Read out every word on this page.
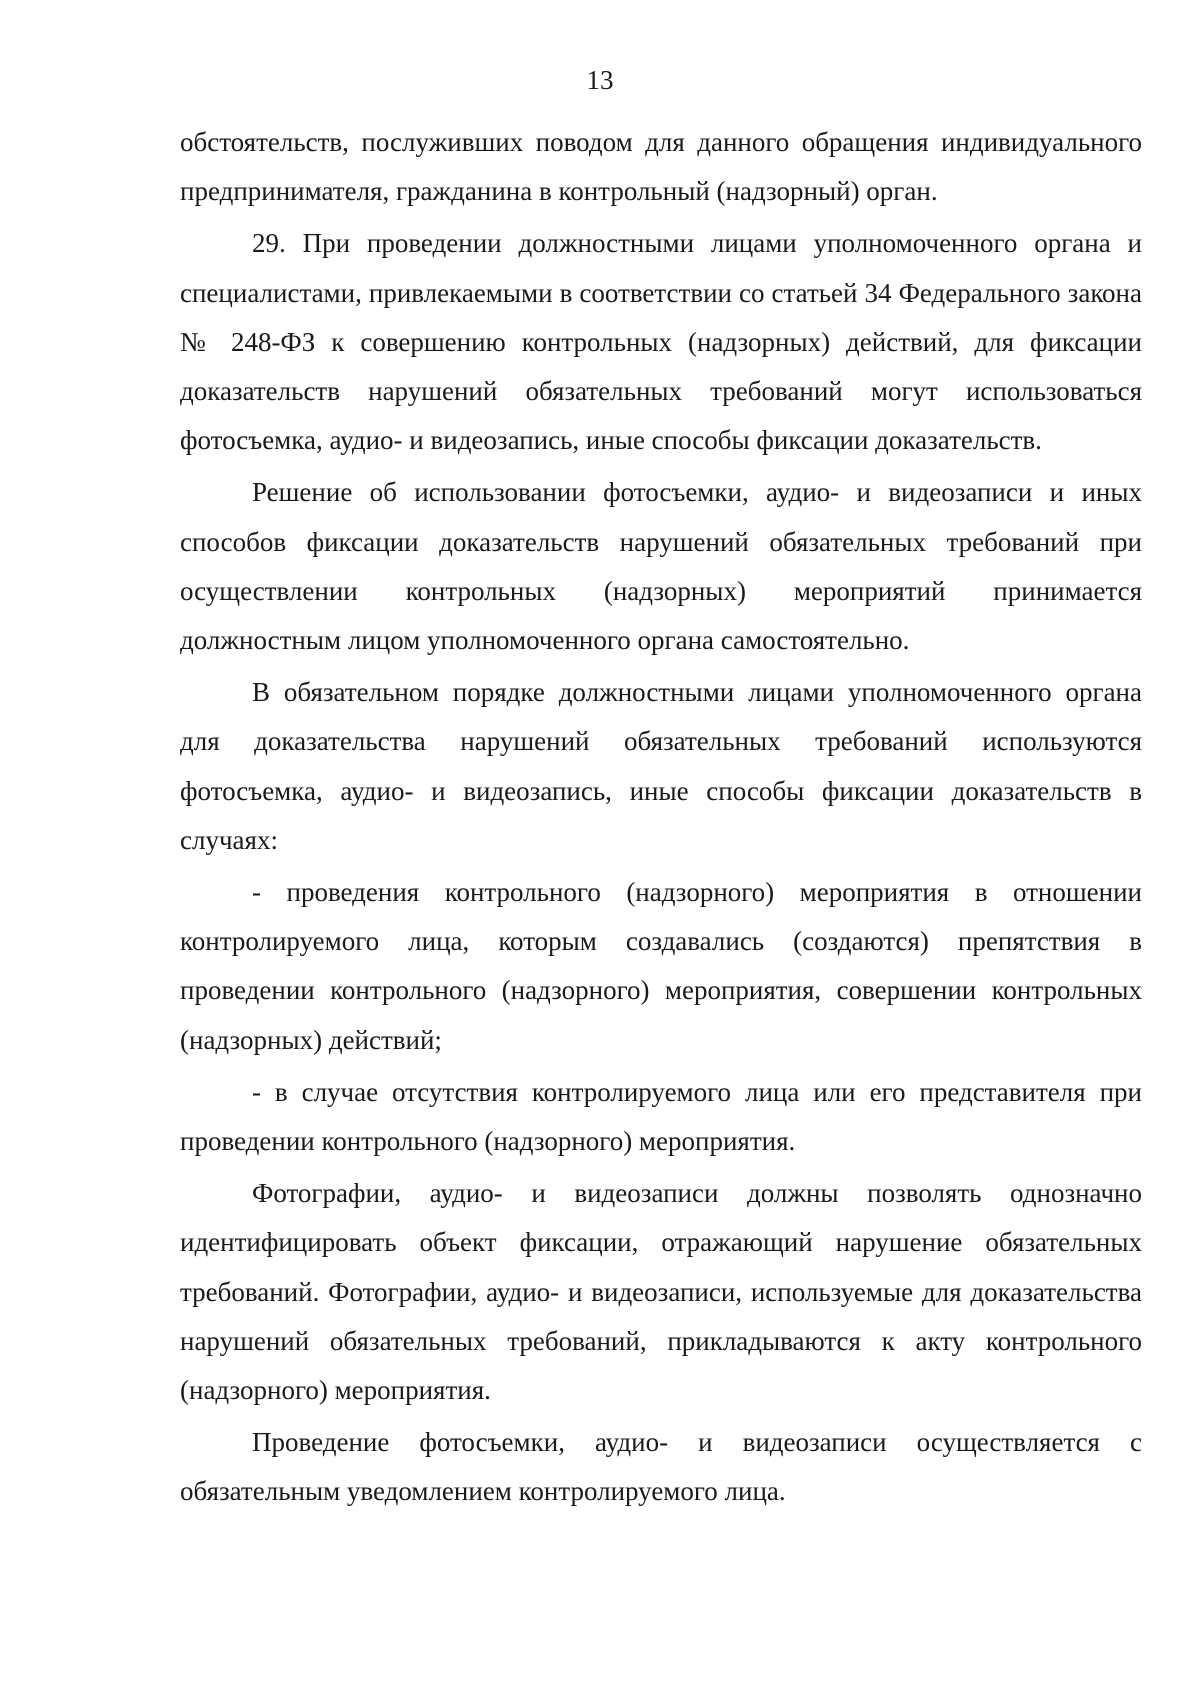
13

обстоятельств, послуживших поводом для данного обращения индивидуального предпринимателя, гражданина в контрольный (надзорный) орган.

29. При проведении должностными лицами уполномоченного органа и специалистами, привлекаемыми в соответствии со статьей 34 Федерального закона № 248-ФЗ к совершению контрольных (надзорных) действий, для фиксации доказательств нарушений обязательных требований могут использоваться фотосъемка, аудио- и видеозапись, иные способы фиксации доказательств.

Решение об использовании фотосъемки, аудио- и видеозаписи и иных способов фиксации доказательств нарушений обязательных требований при осуществлении контрольных (надзорных) мероприятий принимается должностным лицом уполномоченного органа самостоятельно.

В обязательном порядке должностными лицами уполномоченного органа для доказательства нарушений обязательных требований используются фотосъемка, аудио- и видеозапись, иные способы фиксации доказательств в случаях:

- проведения контрольного (надзорного) мероприятия в отношении контролируемого лица, которым создавались (создаются) препятствия в проведении контрольного (надзорного) мероприятия, совершении контрольных (надзорных) действий;

- в случае отсутствия контролируемого лица или его представителя при проведении контрольного (надзорного) мероприятия.

Фотографии, аудио- и видеозаписи должны позволять однозначно идентифицировать объект фиксации, отражающий нарушение обязательных требований. Фотографии, аудио- и видеозаписи, используемые для доказательства нарушений обязательных требований, прикладываются к акту контрольного (надзорного) мероприятия.

Проведение фотосъемки, аудио- и видеозаписи осуществляется с обязательным уведомлением контролируемого лица.
